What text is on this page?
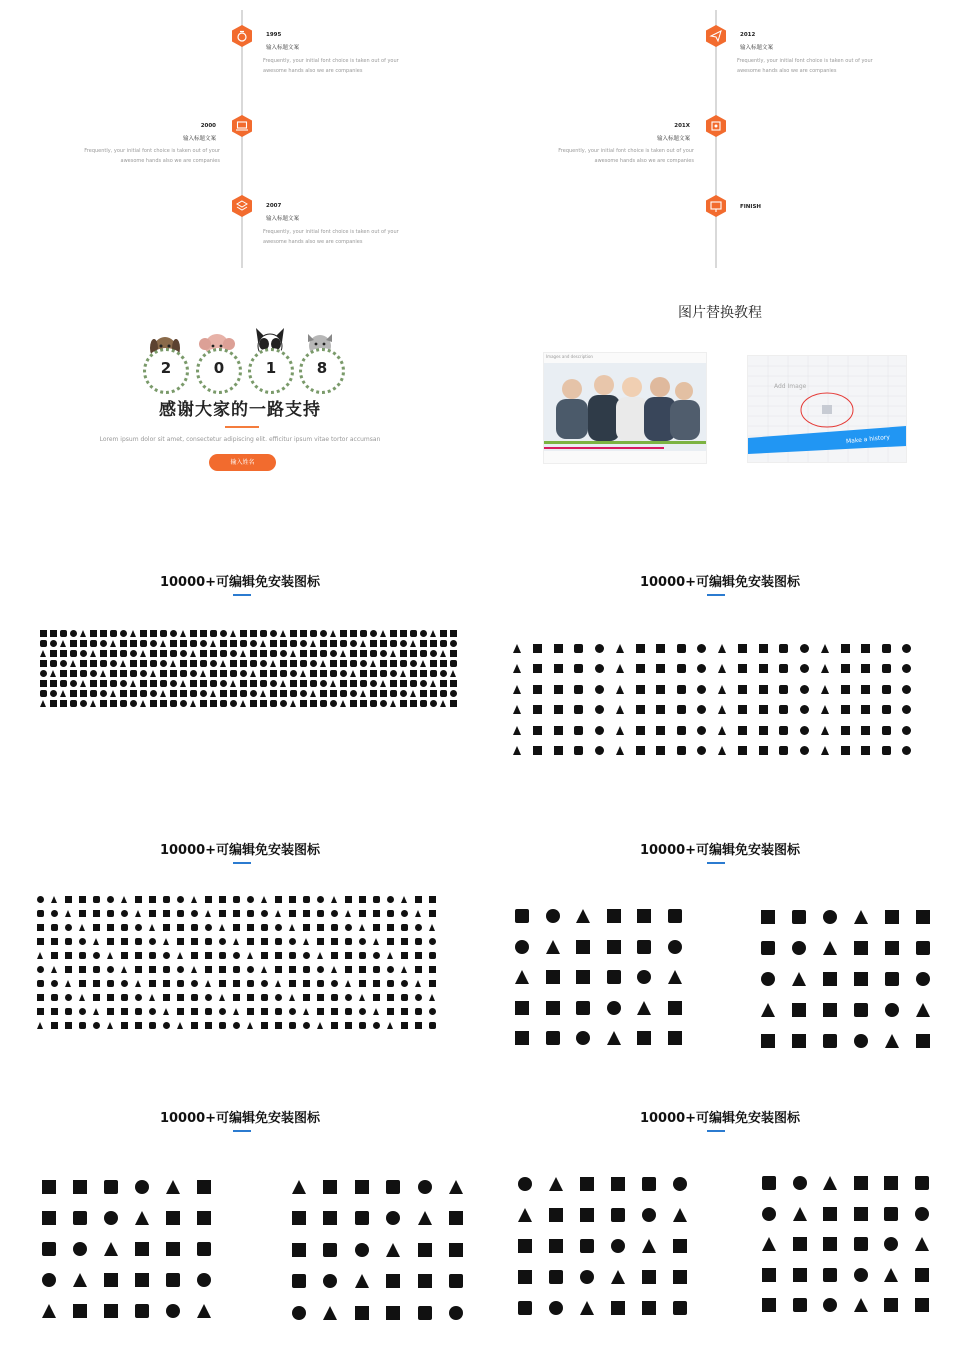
1995
输入标题文案
Frequently, your initial font choice is taken out of your awesome hands also we are companies
2000
输入标题文案
Frequently, your initial font choice is taken out of your awesome hands also we are companies
2007
输入标题文案
Frequently, your initial font choice is taken out of your awesome hands also we are companies
2012
输入标题文案
Frequently, your initial font choice is taken out of your awesome hands also we are companies
201X
输入标题文案
Frequently, your initial font choice is taken out of your awesome hands also we are companies
FINISH
2	0	1	8
感谢大家的一路支持
Lorem ipsum dolor sit amet, consectetur adipiscing elit. efficitur ipsum vitae tortor accumsan
输入姓名
图片替换教程
Images and description
Add Image
Make a history
10000+可编辑免安装图标	10000+可编辑免安装图标
10000+可编辑免安装图标	10000+可编辑免安装图标
10000+可编辑免安装图标	10000+可编辑免安装图标
